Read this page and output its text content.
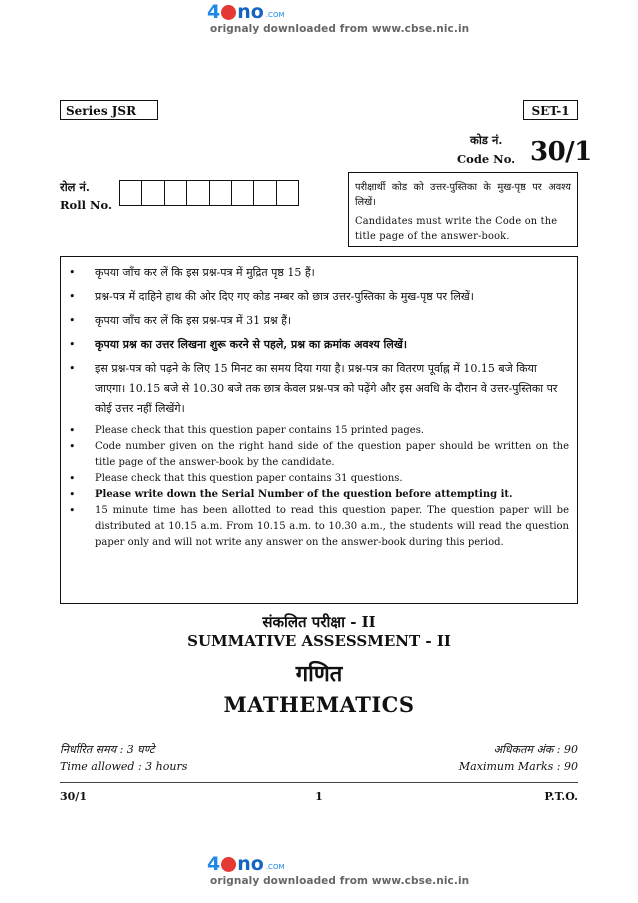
4 no .COM
orignaly downloaded from www.cbse.nic.in
Series JSR	SET-1
कोड नं.
Code No. 30/1
रोल नं.
Roll No.
परीक्षार्थी कोड को उत्तर-पुस्तिका के मुख-पृष्ठ पर अवश्य लिखें।
Candidates must write the Code on the title page of the answer-book.
•	कृपया जाँच कर लें कि इस प्रश्न-पत्र में मुद्रित पृष्ठ 15 हैं।
•	प्रश्न-पत्र में दाहिने हाथ की ओर दिए गए कोड नम्बर को छात्र उत्तर-पुस्तिका के मुख-पृष्ठ पर लिखें।
•	कृपया जाँच कर लें कि इस प्रश्न-पत्र में 31 प्रश्न हैं।
•	कृपया प्रश्न का उत्तर लिखना शुरू करने से पहले, प्रश्न का क्रमांक अवश्य लिखें।
•	इस प्रश्न-पत्र को पढ़ने के लिए 15 मिनट का समय दिया गया है। प्रश्न-पत्र का वितरण पूर्वाह्न में 10.15 बजे किया जाएगा। 10.15 बजे से 10.30 बजे तक छात्र केवल प्रश्न-पत्र को पढ़ेंगे और इस अवधि के दौरान वे उत्तर-पुस्तिका पर कोई उत्तर नहीं लिखेंगे।
•	Please check that this question paper contains 15 printed pages.
•	Code number given on the right hand side of the question paper should be written on the title page of the answer-book by the candidate.
•	Please check that this question paper contains 31 questions.
•	Please write down the Serial Number of the question before attempting it.
•	15 minute time has been allotted to read this question paper. The question paper will be distributed at 10.15 a.m. From 10.15 a.m. to 10.30 a.m., the students will read the question paper only and will not write any answer on the answer-book during this period.
संकलित परीक्षा - II
SUMMATIVE ASSESSMENT - II
गणित
MATHEMATICS
निर्धारित समय : 3 घण्टे
Time allowed : 3 hours
अधिकतम अंक : 90
Maximum Marks : 90
30/1	1	P.T.O.
4 no .COM
orignaly downloaded from www.cbse.nic.in
